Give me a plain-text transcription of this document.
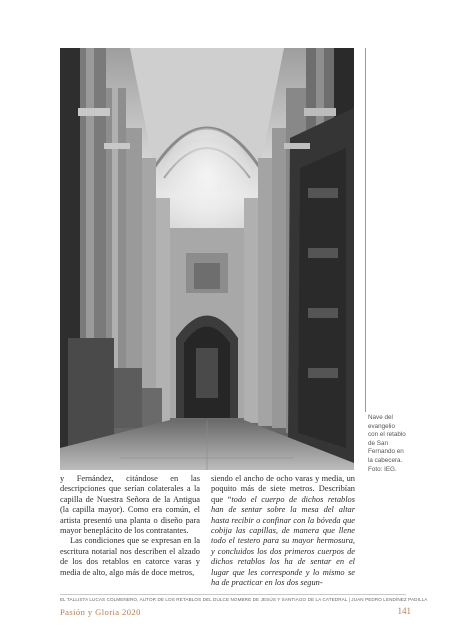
Nave del
evangelio
con el retablo
de San
Fernando en
la cabecera.
Foto: IEG.

y Fernández, citándose en las descripciones que serían colaterales a la capilla de Nuestra Señora de la Antigua (la capilla mayor). Como era común, el artista presentó una planta o diseño para mayor beneplácito de los contratantes.

Las condiciones que se expresan en la escritura notarial nos describen el alzado de los dos retablos en catorce varas y media de alto, algo más de doce metros,

siendo el ancho de ocho varas y media, un poquito más de siete metros. Describían que “todo el cuerpo de dichos retablos han de sentar sobre la mesa del altar hasta recibir o confinar con la bóveda que cobija las capillas, de manera que llene todo el testero para su mayor hermosura, y concluidos los dos primeros cuerpos de dichos retablos los ha de sentar en el lugar que les corresponde y lo mismo se ha de practicar en los dos segun-

EL TALLISTA LUCAS COLMENERO, AUTOR DE LOS RETABLOS DEL DULCE NOMBRE DE JESÚS Y SANTIAGO DE LA CATEDRAL | JUAN PEDRO LENDÍNEZ PADILLA
Pasión y Gloria 2020	141
